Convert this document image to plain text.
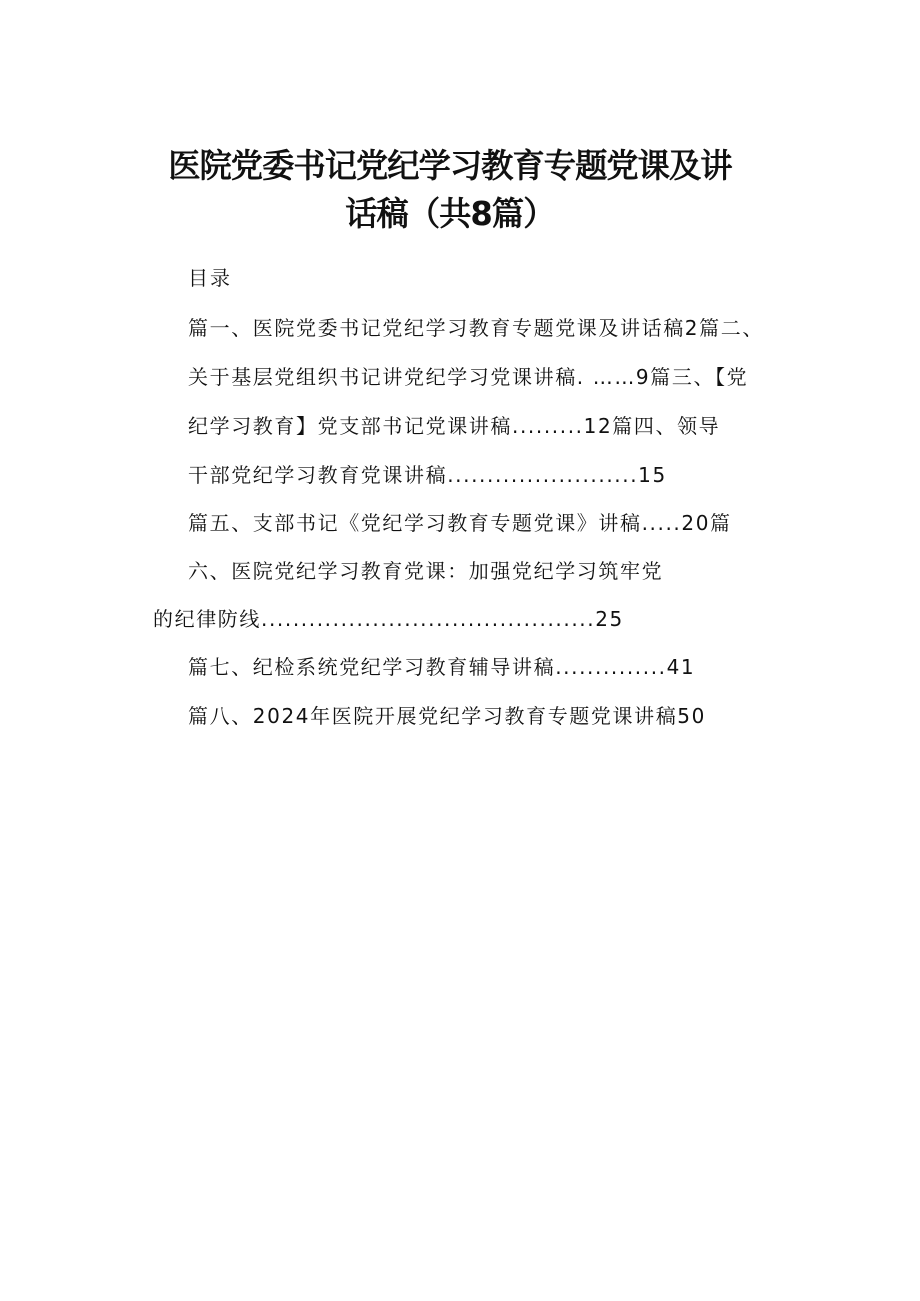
医院党委书记党纪学习教育专题党课及讲
话稿（共8篇）
目录
篇一、医院党委书记党纪学习教育专题党课及讲话稿2篇二、
关于基层党组织书记讲党纪学习党课讲稿. ……9篇三、【党
纪学习教育】党支部书记党课讲稿.........12篇四、领导
干部党纪学习教育党课讲稿........................15
篇五、支部书记《党纪学习教育专题党课》讲稿.....20篇
六、医院党纪学习教育党课：加强党纪学习筑牢党
的纪律防线..........................................25
篇七、纪检系统党纪学习教育辅导讲稿..............41
篇八、2024年医院开展党纪学习教育专题党课讲稿50
